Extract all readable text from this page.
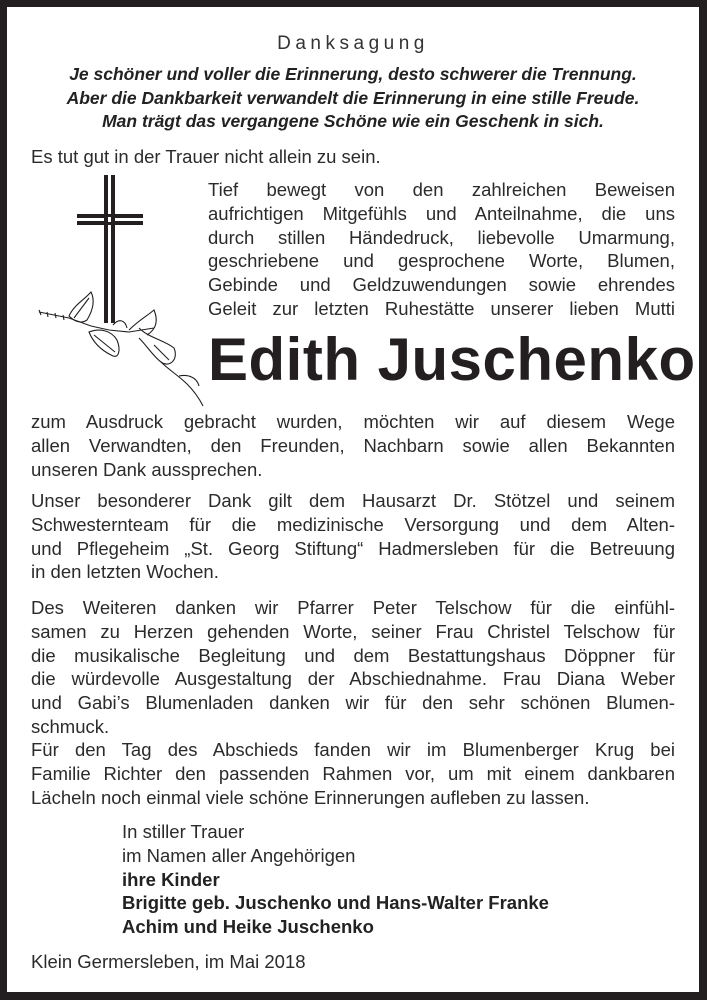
Danksagung

Je schöner und voller die Erinnerung, desto schwerer die Trennung.
Aber die Dankbarkeit verwandelt die Erinnerung in eine stille Freude.
Man trägt das vergangene Schöne wie ein Geschenk in sich.

Es tut gut in der Trauer nicht allein zu sein.

Tief bewegt von den zahlreichen Beweisen
aufrichtigen Mitgefühls und Anteilnahme, die uns
durch stillen Händedruck, liebevolle Umarmung,
geschriebene und gesprochene Worte, Blumen,
Gebinde und Geldzuwendungen sowie ehrendes
Geleit zur letzten Ruhestätte unserer lieben Mutti
Edith Juschenko
zum Ausdruck gebracht wurden, möchten wir auf diesem Wege
allen Verwandten, den Freunden, Nachbarn sowie allen Bekannten
unseren Dank aussprechen.
Unser besonderer Dank gilt dem Hausarzt Dr. Stötzel und seinem
Schwesternteam für die medizinische Versorgung und dem Alten-
und Pflegeheim „St. Georg Stiftung“ Hadmersleben für die Betreuung
in den letzten Wochen.
Des Weiteren danken wir Pfarrer Peter Telschow für die einfühl-
samen zu Herzen gehenden Worte, seiner Frau Christel Telschow für
die musikalische Begleitung und dem Bestattungshaus Döppner für
die würdevolle Ausgestaltung der Abschiednahme. Frau Diana Weber
und Gabi’s Blumenladen danken wir für den sehr schönen Blumen-
schmuck.
Für den Tag des Abschieds fanden wir im Blumenberger Krug bei
Familie Richter den passenden Rahmen vor, um mit einem dankbaren
Lächeln noch einmal viele schöne Erinnerungen aufleben zu lassen.
In stiller Trauer
im Namen aller Angehörigen
ihre Kinder
Brigitte geb. Juschenko und Hans-Walter Franke
Achim und Heike Juschenko

Klein Germersleben, im Mai 2018
